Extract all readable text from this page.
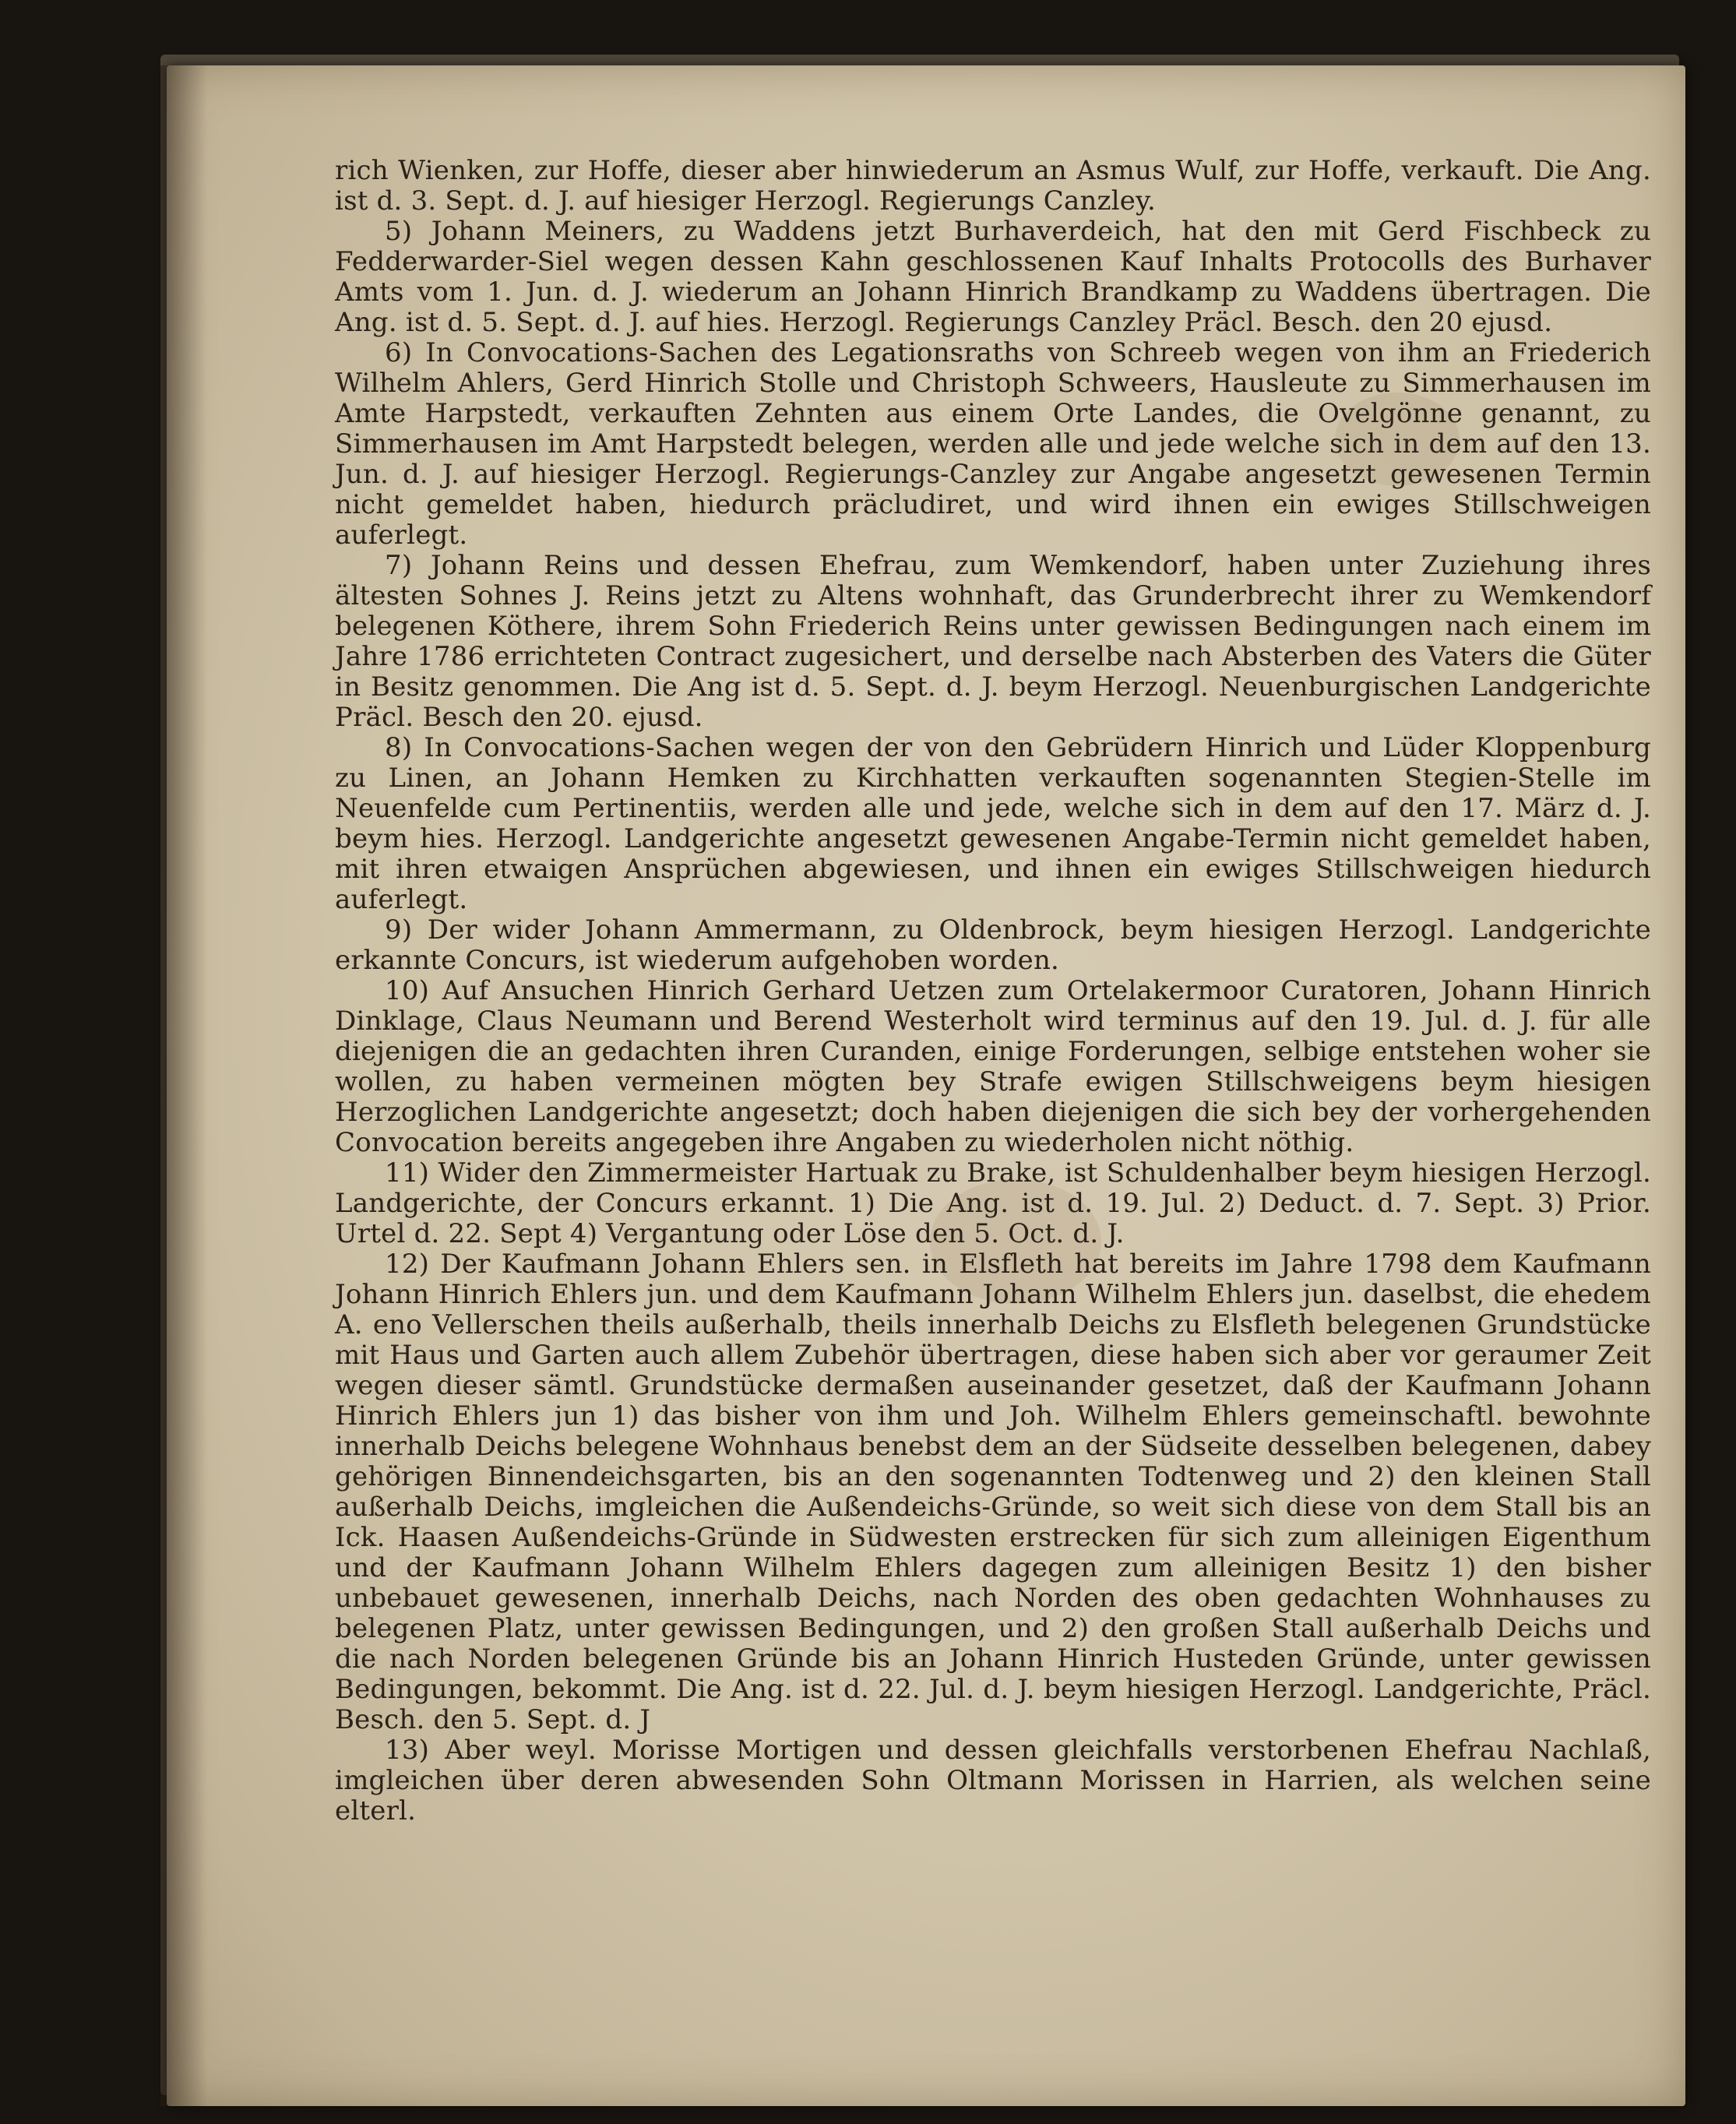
rich Wienken, zur Hoffe, dieser aber hinwiederum an Asmus Wulf, zur Hoffe, verkauft. Die Ang. ist d. 3. Sept. d. J. auf hiesiger Herzogl. Regierungs Canzley.

5) Johann Meiners, zu Waddens jetzt Burhaverdeich, hat den mit Gerd Fischbeck zu Fedderwarder-Siel wegen dessen Kahn geschlossenen Kauf Inhalts Protocolls des Burhaver Amts vom 1. Jun. d. J. wiederum an Johann Hinrich Brandkamp zu Waddens übertragen. Die Ang. ist d. 5. Sept. d. J. auf hies. Herzogl. Regierungs Canzley Präcl. Besch. den 20 ejusd.

6) In Convocations-Sachen des Legationsraths von Schreeb wegen von ihm an Friederich Wilhelm Ahlers, Gerd Hinrich Stolle und Christoph Schweers, Hausleute zu Simmerhausen im Amte Harpstedt, verkauften Zehnten aus einem Orte Landes, die Ovelgönne genannt, zu Simmerhausen im Amt Harpstedt belegen, werden alle und jede welche sich in dem auf den 13. Jun. d. J. auf hiesiger Herzogl. Regierungs-Canzley zur Angabe angesetzt gewesenen Termin nicht gemeldet haben, hiedurch präcludiret, und wird ihnen ein ewiges Stillschweigen auferlegt.

7) Johann Reins und dessen Ehefrau, zum Wemkendorf, haben unter Zuziehung ihres ältesten Sohnes J. Reins jetzt zu Altens wohnhaft, das Grunderbrecht ihrer zu Wemkendorf belegenen Köthere, ihrem Sohn Friederich Reins unter gewissen Bedingungen nach einem im Jahre 1786 errichteten Contract zugesichert, und derselbe nach Absterben des Vaters die Güter in Besitz genommen. Die Ang ist d. 5. Sept. d. J. beym Herzogl. Neuenburgischen Landgerichte Präcl. Besch den 20. ejusd.

8) In Convocations-Sachen wegen der von den Gebrüdern Hinrich und Lüder Kloppenburg zu Linen, an Johann Hemken zu Kirchhatten verkauften sogenannten Stegien-Stelle im Neuenfelde cum Pertinentiis, werden alle und jede, welche sich in dem auf den 17. März d. J. beym hies. Herzogl. Landgerichte angesetzt gewesenen Angabe-Termin nicht gemeldet haben, mit ihren etwaigen Ansprüchen abgewiesen, und ihnen ein ewiges Stillschweigen hiedurch auferlegt.

9) Der wider Johann Ammermann, zu Oldenbrock, beym hiesigen Herzogl. Landgerichte erkannte Concurs, ist wiederum aufgehoben worden.

10) Auf Ansuchen Hinrich Gerhard Uetzen zum Ortelakermoor Curatoren, Johann Hinrich Dinklage, Claus Neumann und Berend Westerholt wird terminus auf den 19. Jul. d. J. für alle diejenigen die an gedachten ihren Curanden, einige Forderungen, selbige entstehen woher sie wollen, zu haben vermeinen mögten bey Strafe ewigen Stillschweigens beym hiesigen Herzoglichen Landgerichte angesetzt; doch haben diejenigen die sich bey der vorhergehenden Convocation bereits angegeben ihre Angaben zu wiederholen nicht nöthig.

11) Wider den Zimmermeister Hartuak zu Brake, ist Schuldenhalber beym hiesigen Herzogl. Landgerichte, der Concurs erkannt. 1) Die Ang. ist d. 19. Jul. 2) Deduct. d. 7. Sept. 3) Prior. Urtel d. 22. Sept 4) Vergantung oder Löse den 5. Oct. d. J.

12) Der Kaufmann Johann Ehlers sen. in Elsfleth hat bereits im Jahre 1798 dem Kaufmann Johann Hinrich Ehlers jun. und dem Kaufmann Johann Wilhelm Ehlers jun. daselbst, die ehedem A. eno Vellerschen theils außerhalb, theils innerhalb Deichs zu Elsfleth belegenen Grundstücke mit Haus und Garten auch allem Zubehör übertragen, diese haben sich aber vor geraumer Zeit wegen dieser sämtl. Grundstücke dermaßen auseinander gesetzet, daß der Kaufmann Johann Hinrich Ehlers jun 1) das bisher von ihm und Joh. Wilhelm Ehlers gemeinschaftl. bewohnte innerhalb Deichs belegene Wohnhaus benebst dem an der Südseite desselben belegenen, dabey gehörigen Binnendeichsgarten, bis an den sogenannten Todtenweg und 2) den kleinen Stall außerhalb Deichs, imgleichen die Außendeichs-Gründe, so weit sich diese von dem Stall bis an Ick. Haasen Außendeichs-Gründe in Südwesten erstrecken für sich zum alleinigen Eigenthum und der Kaufmann Johann Wilhelm Ehlers dagegen zum alleinigen Besitz 1) den bisher unbebauet gewesenen, innerhalb Deichs, nach Norden des oben gedachten Wohnhauses zu belegenen Platz, unter gewissen Bedingungen, und 2) den großen Stall außerhalb Deichs und die nach Norden belegenen Gründe bis an Johann Hinrich Husteden Gründe, unter gewissen Bedingungen, bekommt. Die Ang. ist d. 22. Jul. d. J. beym hiesigen Herzogl. Landgerichte, Präcl. Besch. den 5. Sept. d. J

13) Aber weyl. Morisse Mortigen und dessen gleichfalls verstorbenen Ehefrau Nachlaß, imgleichen über deren abwesenden Sohn Oltmann Morissen in Harrien, als welchen seine elterl.
